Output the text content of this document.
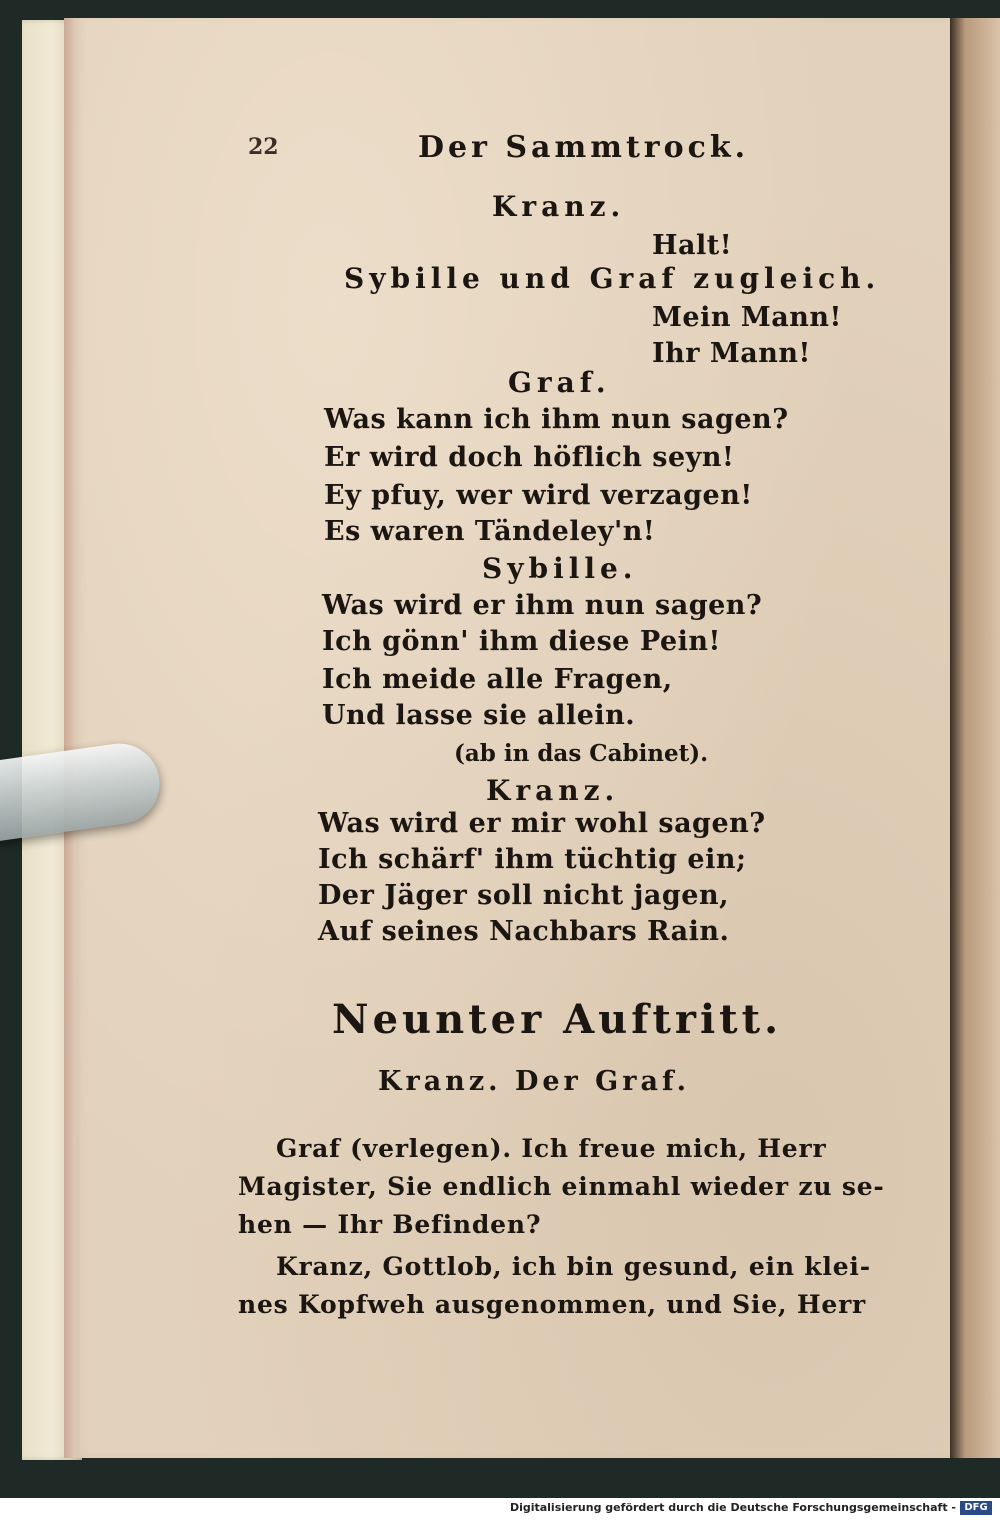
22	Der Sammtrock.
Kranz.
Halt!
Sybille und Graf zugleich.
Mein Mann!
Ihr Mann!
Graf.
Was kann ich ihm nun sagen?
Er wird doch höflich seyn!
Ey pfuy, wer wird verzagen!
Es waren Tändeley'n!
Sybille.
Was wird er ihm nun sagen?
Ich gönn' ihm diese Pein!
Ich meide alle Fragen,
Und lasse sie allein.
(ab in das Cabinet).
Kranz.
Was wird er mir wohl sagen?
Ich schärf' ihm tüchtig ein;
Der Jäger soll nicht jagen,
Auf seines Nachbars Rain.
Neunter Auftritt.
Kranz. Der Graf.
Graf (verlegen). Ich freue mich, Herr
Magister, Sie endlich einmahl wieder zu se-
hen — Ihr Befinden?
Kranz, Gottlob, ich bin gesund, ein klei-
nes Kopfweh ausgenommen, und Sie, Herr
Digitalisierung gefördert durch die Deutsche Forschungsgemeinschaft - DFG
